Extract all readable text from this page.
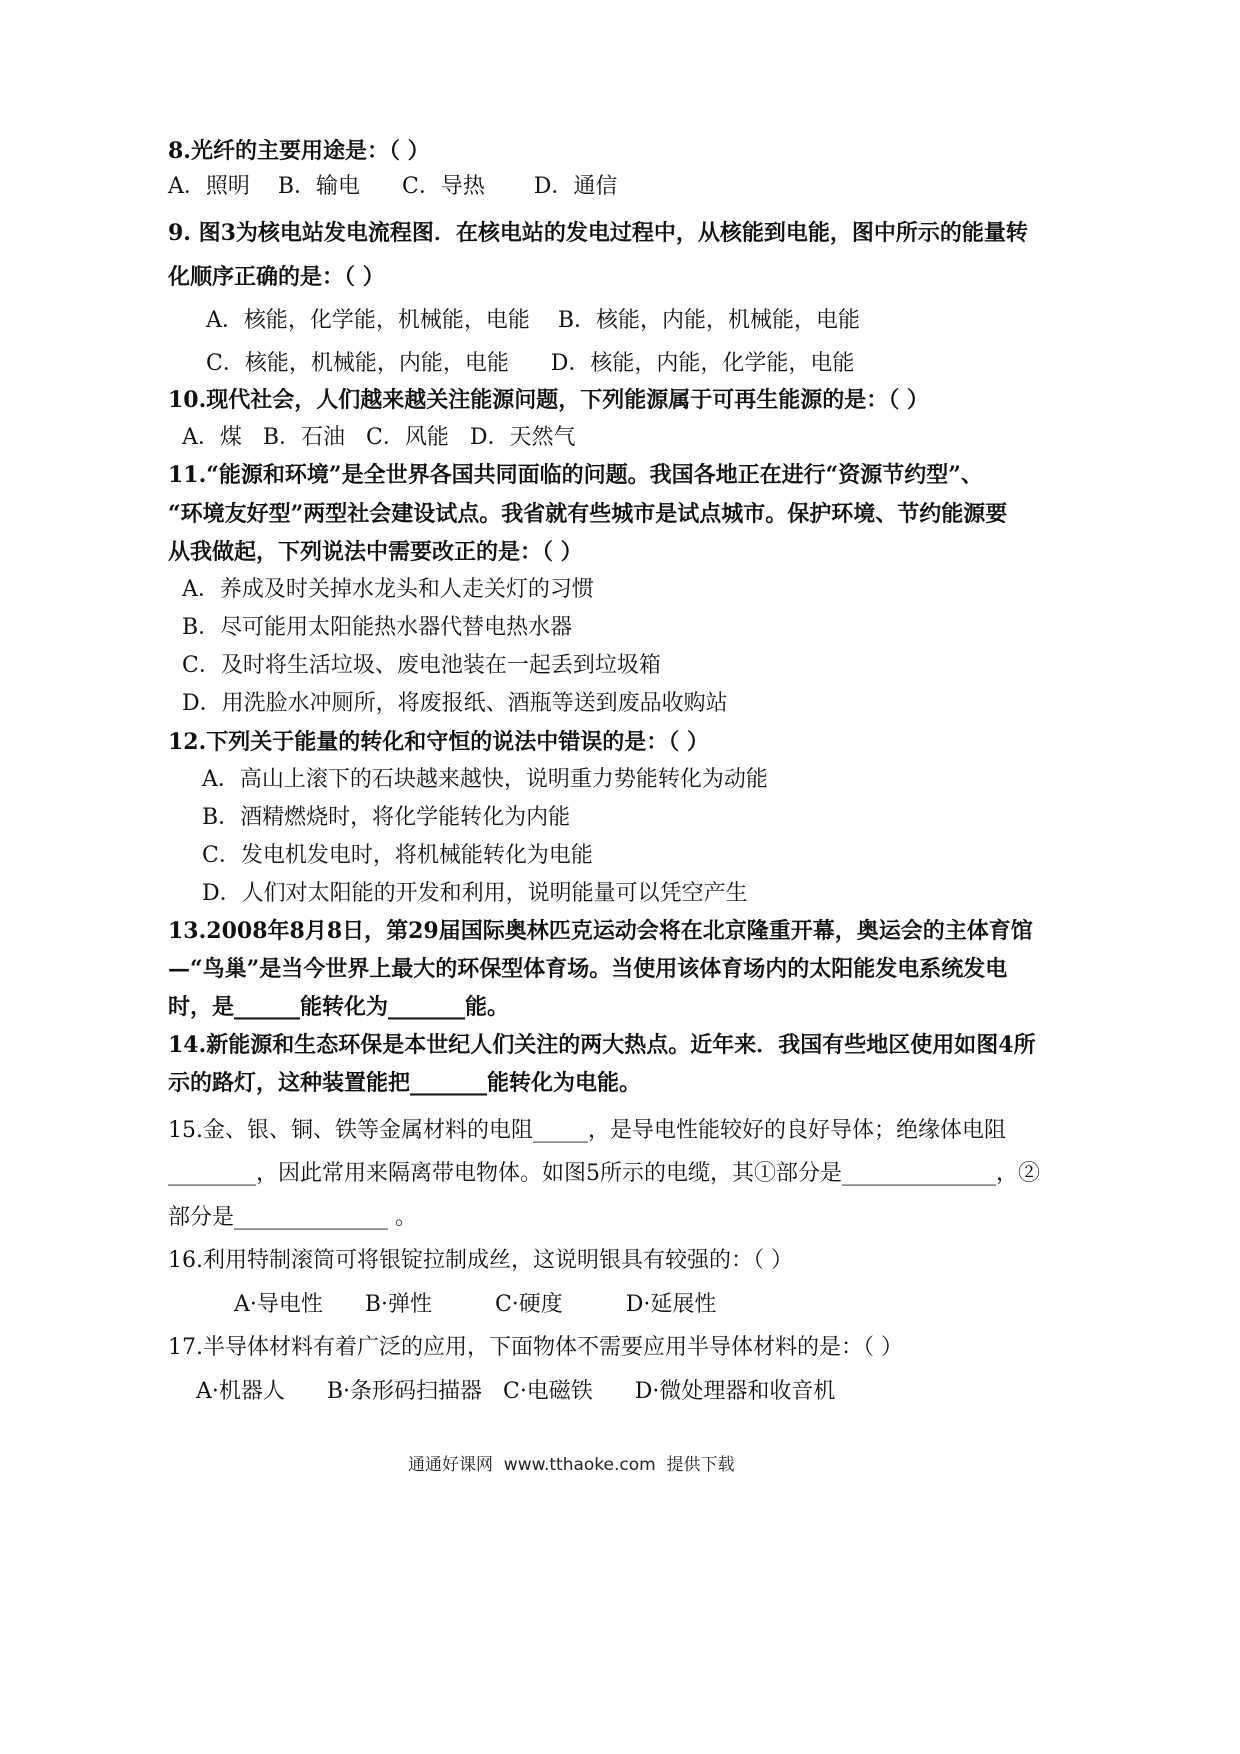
8.光纤的主要用途是：（ ）
A．照明    B．输电      C．导热       D．通信
9. 图3为核电站发电流程图．在核电站的发电过程中，从核能到电能，图中所示的能量转
化顺序正确的是：（ ）
A．核能，化学能，机械能，电能    B．核能，内能，机械能，电能
C．核能，机械能，内能，电能      D．核能，内能，化学能，电能
10.现代社会，人们越来越关注能源问题，下列能源属于可再生能源的是：（ ）
A．煤   B．石油   C．风能   D．天然气
11.“能源和环境”是全世界各国共同面临的问题。我国各地正在进行“资源节约型”、
“环境友好型”两型社会建设试点。我省就有些城市是试点城市。保护环境、节约能源要
从我做起，下列说法中需要改正的是：（ ）
A．养成及时关掉水龙头和人走关灯的习惯
B．尽可能用太阳能热水器代替电热水器
C．及时将生活垃圾、废电池装在一起丢到垃圾箱
D．用洗脸水冲厕所，将废报纸、酒瓶等送到废品收购站
12.下列关于能量的转化和守恒的说法中错误的是：（ ）
A．高山上滚下的石块越来越快，说明重力势能转化为动能
B．酒精燃烧时，将化学能转化为内能
C．发电机发电时，将机械能转化为电能
D．人们对太阳能的开发和利用，说明能量可以凭空产生
13.2008年8月8日，第29届国际奥林匹克运动会将在北京隆重开幕，奥运会的主体育馆
—“鸟巢”是当今世界上最大的环保型体育场。当使用该体育场内的太阳能发电系统发电
时，是______能转化为_______能。
14.新能源和生态环保是本世纪人们关注的两大热点。近年来．我国有些地区使用如图4所
示的路灯，这种装置能把_______能转化为电能。
15.金、银、铜、铁等金属材料的电阻_____，是导电性能较好的良好导体；绝缘体电阻
________，因此常用来隔离带电物体。如图5所示的电缆，其①部分是______________，②
部分是______________ 。
16.利用特制滚筒可将银锭拉制成丝，这说明银具有较强的：（ ）
A·导电性      B·弹性         C·硬度         D·延展性
17.半导体材料有着广泛的应用，下面物体不需要应用半导体材料的是：（ ）
A·机器人      B·条形码扫描器   C·电磁铁      D·微处理器和收音机
通通好课网  www.tthaoke.com  提供下载
